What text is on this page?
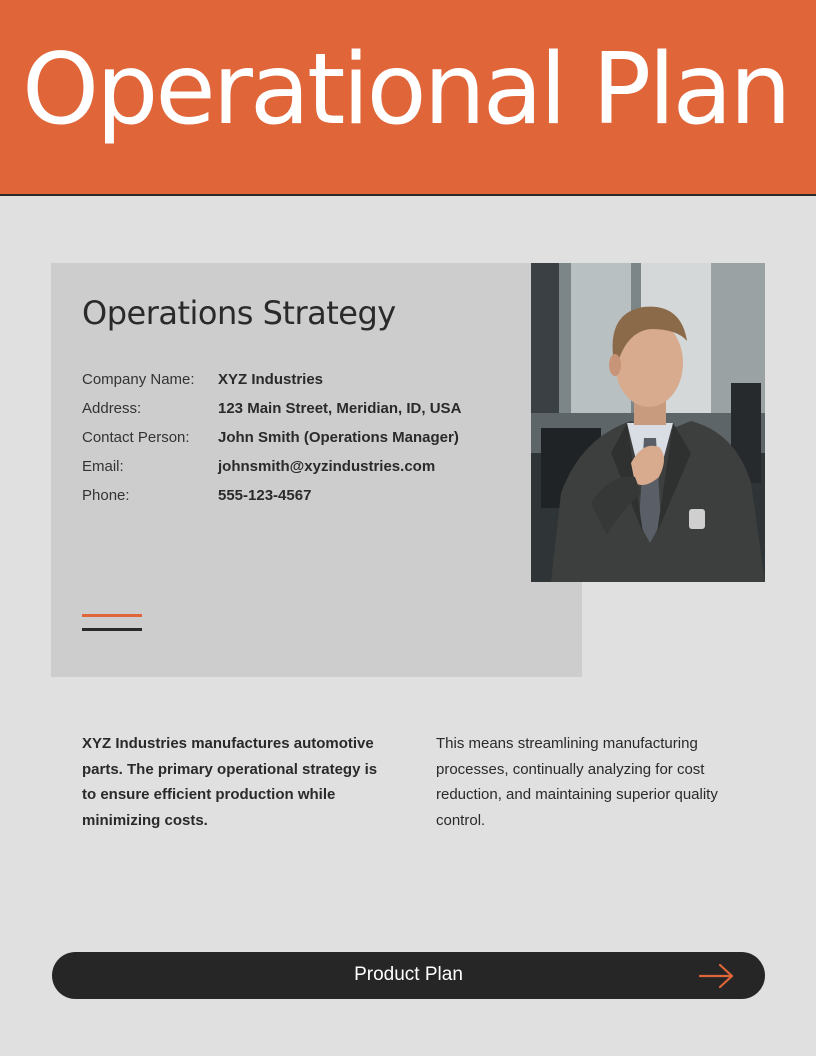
Operational Plan
Operations Strategy
Company Name:	XYZ Industries
Address:	123 Main Street, Meridian, ID, USA
Contact Person:	John Smith (Operations Manager)
Email:	johnsmith@xyzindustries.com
Phone:	555-123-4567

XYZ Industries manufactures automotive parts. The primary operational strategy is to ensure efficient production while minimizing costs.

This means streamlining manufacturing processes, continually analyzing for cost reduction, and maintaining superior quality control.

Product Plan
